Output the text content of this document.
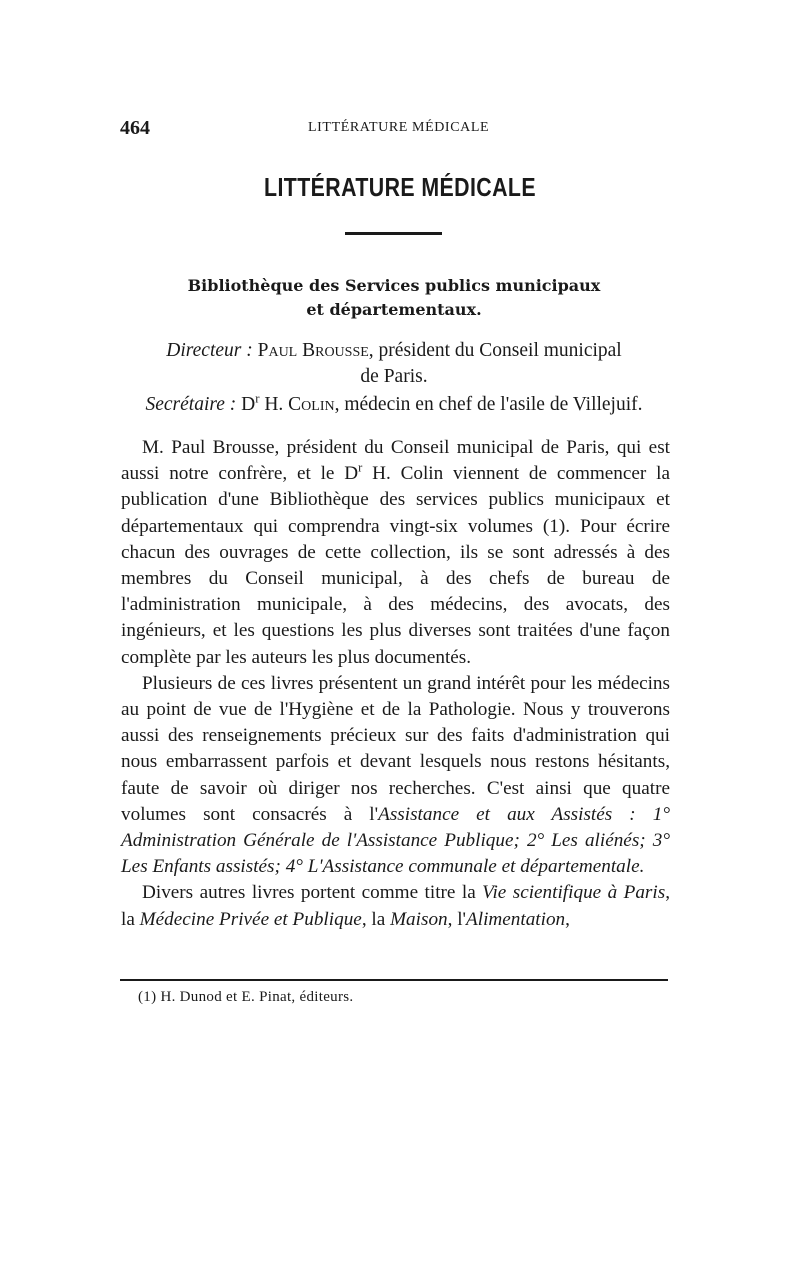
464	LITTÉRATURE MÉDICALE
LITTÉRATURE MÉDICALE
Bibliothèque des Services publics municipaux
et départementaux.
Directeur : Paul Brousse, président du Conseil municipal
de Paris.
Secrétaire : $D^r$ H. Colin, médecin en chef de l'asile de Villejuif.

M. Paul Brousse, président du Conseil municipal de Paris, qui est aussi notre confrère, et le $D^r$ H. Colin viennent de commencer la publication d'une Bibliothèque des services publics municipaux et départementaux qui comprendra vingt-six volumes (1). Pour écrire chacun des ouvrages de cette collection, ils se sont adressés à des membres du Conseil municipal, à des chefs de bureau de l'administration municipale, à des médecins, des avocats, des ingénieurs, et les questions les plus diverses sont traitées d'une façon complète par les auteurs les plus documentés.

Plusieurs de ces livres présentent un grand intérêt pour les médecins au point de vue de l'Hygiène et de la Pathologie. Nous y trouverons aussi des renseignements précieux sur des faits d'administration qui nous embarrassent parfois et devant lesquels nous restons hésitants, faute de savoir où diriger nos recherches. C'est ainsi que quatre volumes sont consacrés à l'Assistance et aux Assistés : 1° Administration Générale de l'Assistance Publique; 2° Les aliénés; 3° Les Enfants assistés; 4° L'Assistance communale et départementale.

Divers autres livres portent comme titre la Vie scientifique à Paris, la Médecine Privée et Publique, la Maison, l'Alimentation,

(1) H. Dunod et E. Pinat, éditeurs.
